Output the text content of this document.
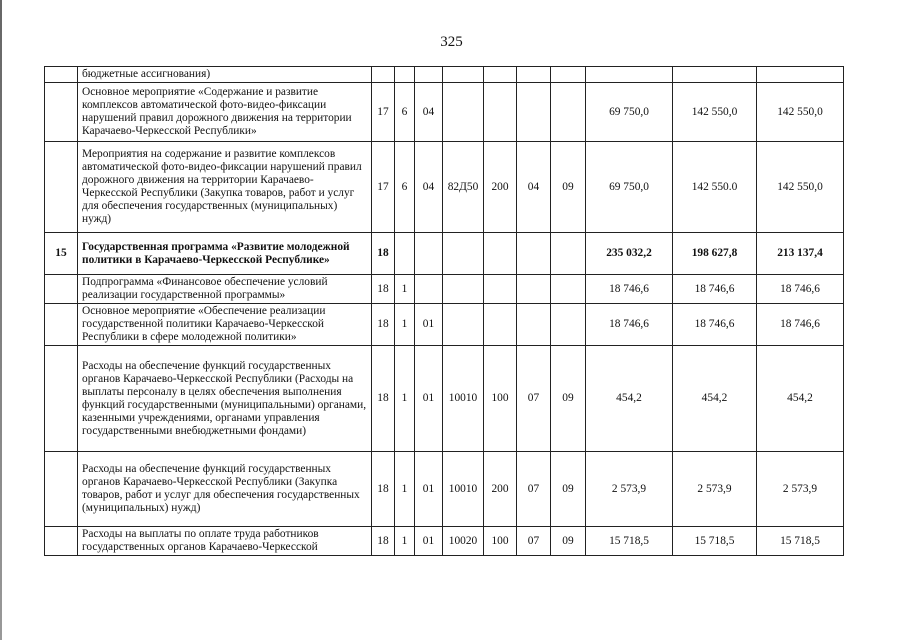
325
	бюджетные ассигнования)										
	Основное мероприятие «Содержание и развитие комплексов автоматической фото-видео-фиксации нарушений правил дорожного движения на территории Карачаево-Черкесской Республики»	17	6	04					69 750,0	142 550,0	142 550,0
	Мероприятия на содержание и развитие комплексов автоматической фото-видео-фиксации нарушений правил дорожного движения на территории Карачаево-Черкесской Республики (Закупка товаров, работ и услуг для обеспечения государственных (муниципальных) нужд)	17	6	04	82Д50	200	04	09	69 750,0	142 550.0	142 550,0
15	Государственная программа «Развитие молодежной политики в Карачаево-Черкесской Республике»	18							235 032,2	198 627,8	213 137,4
	Подпрограмма «Финансовое обеспечение условий реализации государственной программы»	18	1						18 746,6	18 746,6	18 746,6
	Основное мероприятие «Обеспечение реализации государственной политики Карачаево-Черкесской Республики в сфере молодежной политики»	18	1	01					18 746,6	18 746,6	18 746,6
	Расходы на обеспечение функций государственных органов Карачаево-Черкесской Республики (Расходы на выплаты персоналу в целях обеспечения выполнения функций государственными (муниципальными) органами, казенными учреждениями, органами управления государственными внебюджетными фондами)	18	1	01	10010	100	07	09	454,2	454,2	454,2
	Расходы на обеспечение функций государственных органов Карачаево-Черкесской Республики (Закупка товаров, работ и услуг для обеспечения государственных (муниципальных) нужд)	18	1	01	10010	200	07	09	2 573,9	2 573,9	2 573,9
	Расходы на выплаты по оплате труда работников государственных органов Карачаево-Черкесской	18	1	01	10020	100	07	09	15 718,5	15 718,5	15 718,5
